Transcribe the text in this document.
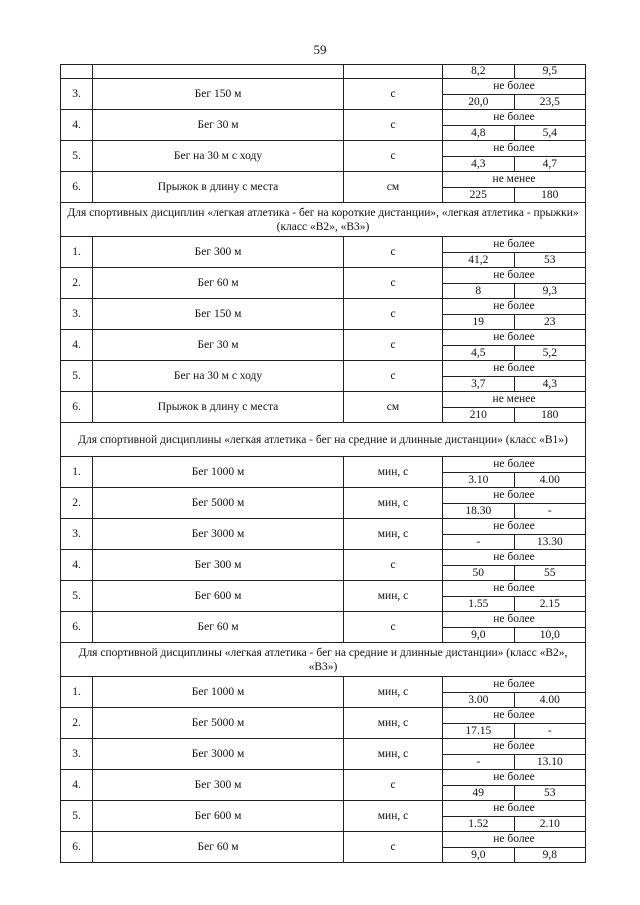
59

			8,2 9,5

3.	Бег 150 м	с	не более
20,0 23,5

4.	Бег 30 м	с	не более
4,8 5,4

5.	Бег на 30 м с ходу	с	не более
4,3 4,7

6.	Прыжок в длину с места	см	не менее
225 180

Для спортивных дисциплин «легкая атлетика - бег на короткие дистанции», «легкая атлетика - прыжки» (класс «В2», «В3»)			
1.	Бег 300 м	с	не более
41,2 53

2.	Бег 60 м	с	не более
8 9,3

3.	Бег 150 м	с	не более
19 23

4.	Бег 30 м	с	не более
4,5 5,2

5.	Бег на 30 м с ходу	с	не более
3,7 4,3

6.	Прыжок в длину с места	см	не менее
210 180

Для спортивной дисциплины «легкая атлетика - бег на средние и длинные дистанции» (класс «В1»)			
1.	Бег 1000 м	мин, с	не более
3.10 4.00

2.	Бег 5000 м	мин, с	не более
18.30 -

3.	Бег 3000 м	мин, с	не более
- 13.30

4.	Бег 300 м	с	не более
50 55

5.	Бег 600 м	мин, с	не более
1.55 2.15

6.	Бег 60 м	с	не более
9,0 10,0

Для спортивной дисциплины «легкая атлетика - бег на средние и длинные дистанции» (класс «В2», «В3»)			
1.	Бег 1000 м	мин, с	не более
3.00 4.00

2.	Бег 5000 м	мин, с	не более
17.15 -

3.	Бег 3000 м	мин, с	не более
- 13.10

4.	Бег 300 м	с	не более
49 53

5.	Бег 600 м	мин, с	не более
1.52 2.10

6.	Бег 60 м	с	не более
9,0 9,8
